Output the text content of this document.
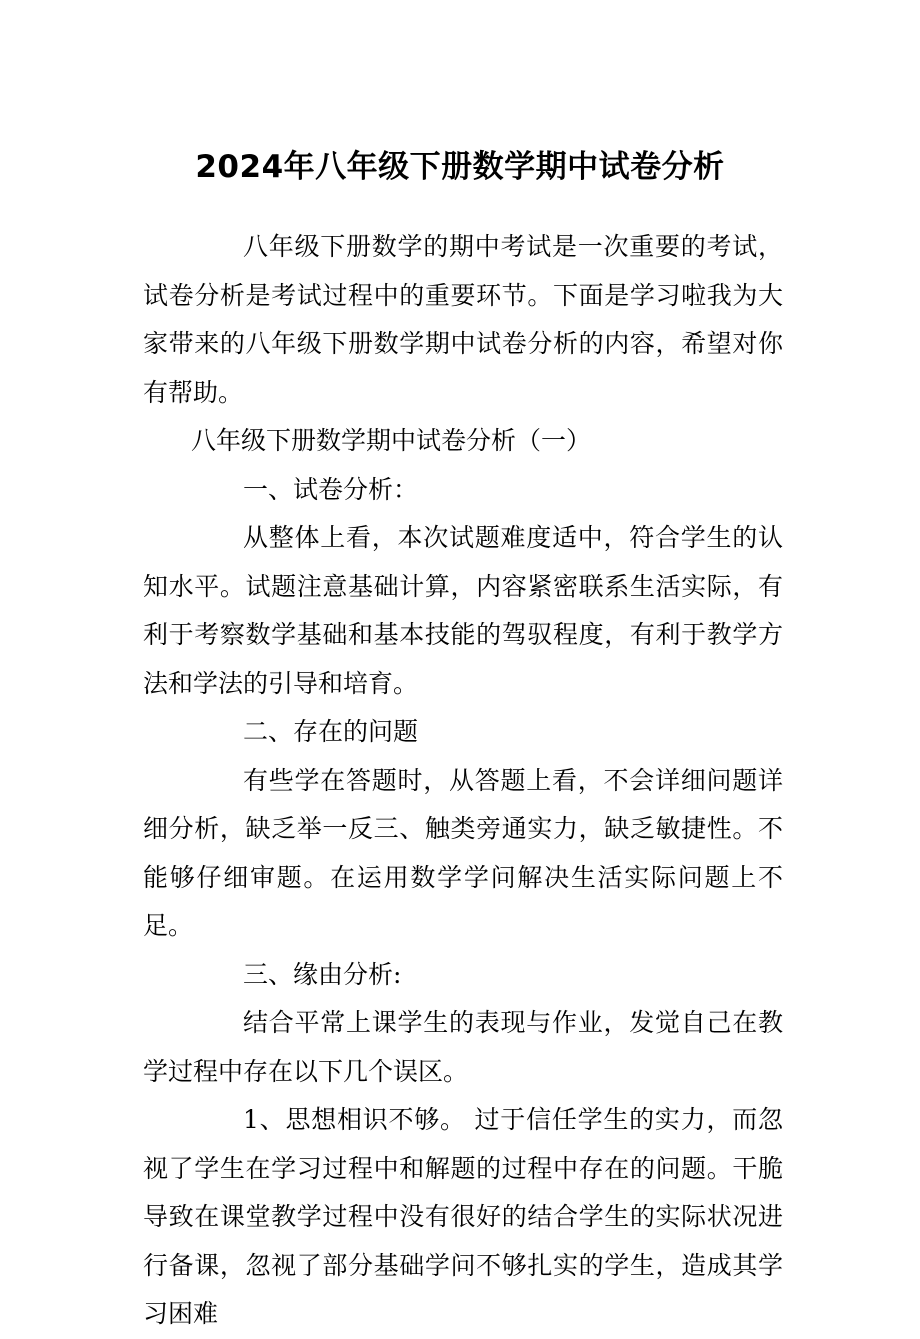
2024年八年级下册数学期中试卷分析

八年级下册数学的期中考试是一次重要的考试，试卷分析是考试过程中的重要环节。下面是学习啦我为大家带来的八年级下册数学期中试卷分析的内容，希望对你有帮助。

八年级下册数学期中试卷分析（一）

一、试卷分析：

从整体上看，本次试题难度适中，符合学生的认知水平。试题注意基础计算，内容紧密联系生活实际，有利于考察数学基础和基本技能的驾驭程度，有利于教学方法和学法的引导和培育。

二、存在的问题

有些学在答题时，从答题上看，不会详细问题详细分析，缺乏举一反三、触类旁通实力，缺乏敏捷性。不能够仔细审题。在运用数学学问解决生活实际问题上不足。

三、缘由分析:

结合平常上课学生的表现与作业，发觉自己在教学过程中存在以下几个误区。

1、思想相识不够。 过于信任学生的实力，而忽视了学生在学习过程中和解题的过程中存在的问题。干脆导致在课堂教学过程中没有很好的结合学生的实际状况进行备课，忽视了部分基础学问不够扎实的学生，造成其学习困难
